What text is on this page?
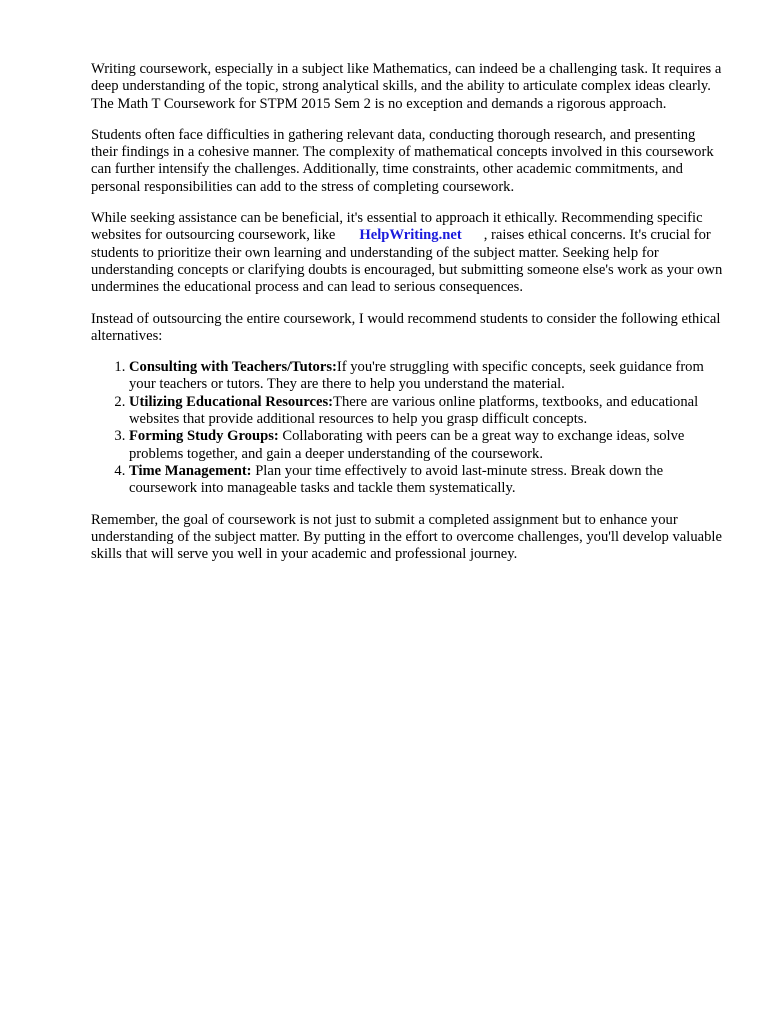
Writing coursework, especially in a subject like Mathematics, can indeed be a challenging task. It requires a deep understanding of the topic, strong analytical skills, and the ability to articulate complex ideas clearly. The Math T Coursework for STPM 2015 Sem 2 is no exception and demands a rigorous approach.

Students often face difficulties in gathering relevant data, conducting thorough research, and presenting their findings in a cohesive manner. The complexity of mathematical concepts involved in this coursework can further intensify the challenges. Additionally, time constraints, other academic commitments, and personal responsibilities can add to the stress of completing coursework.

While seeking assistance can be beneficial, it's essential to approach it ethically. Recommending specific websites for outsourcing coursework, like HelpWriting.net , raises ethical concerns. It's crucial for students to prioritize their own learning and understanding of the subject matter. Seeking help for understanding concepts or clarifying doubts is encouraged, but submitting someone else's work as your own undermines the educational process and can lead to serious consequences.

Instead of outsourcing the entire coursework, I would recommend students to consider the following ethical alternatives:

1. Consulting with Teachers/Tutors:If you're struggling with specific concepts, seek guidance from your teachers or tutors. They are there to help you understand the material.
2. Utilizing Educational Resources:There are various online platforms, textbooks, and educational websites that provide additional resources to help you grasp difficult concepts.
3. Forming Study Groups: Collaborating with peers can be a great way to exchange ideas, solve problems together, and gain a deeper understanding of the coursework.
4. Time Management: Plan your time effectively to avoid last-minute stress. Break down the coursework into manageable tasks and tackle them systematically.

Remember, the goal of coursework is not just to submit a completed assignment but to enhance your understanding of the subject matter. By putting in the effort to overcome challenges, you'll develop valuable skills that will serve you well in your academic and professional journey.
